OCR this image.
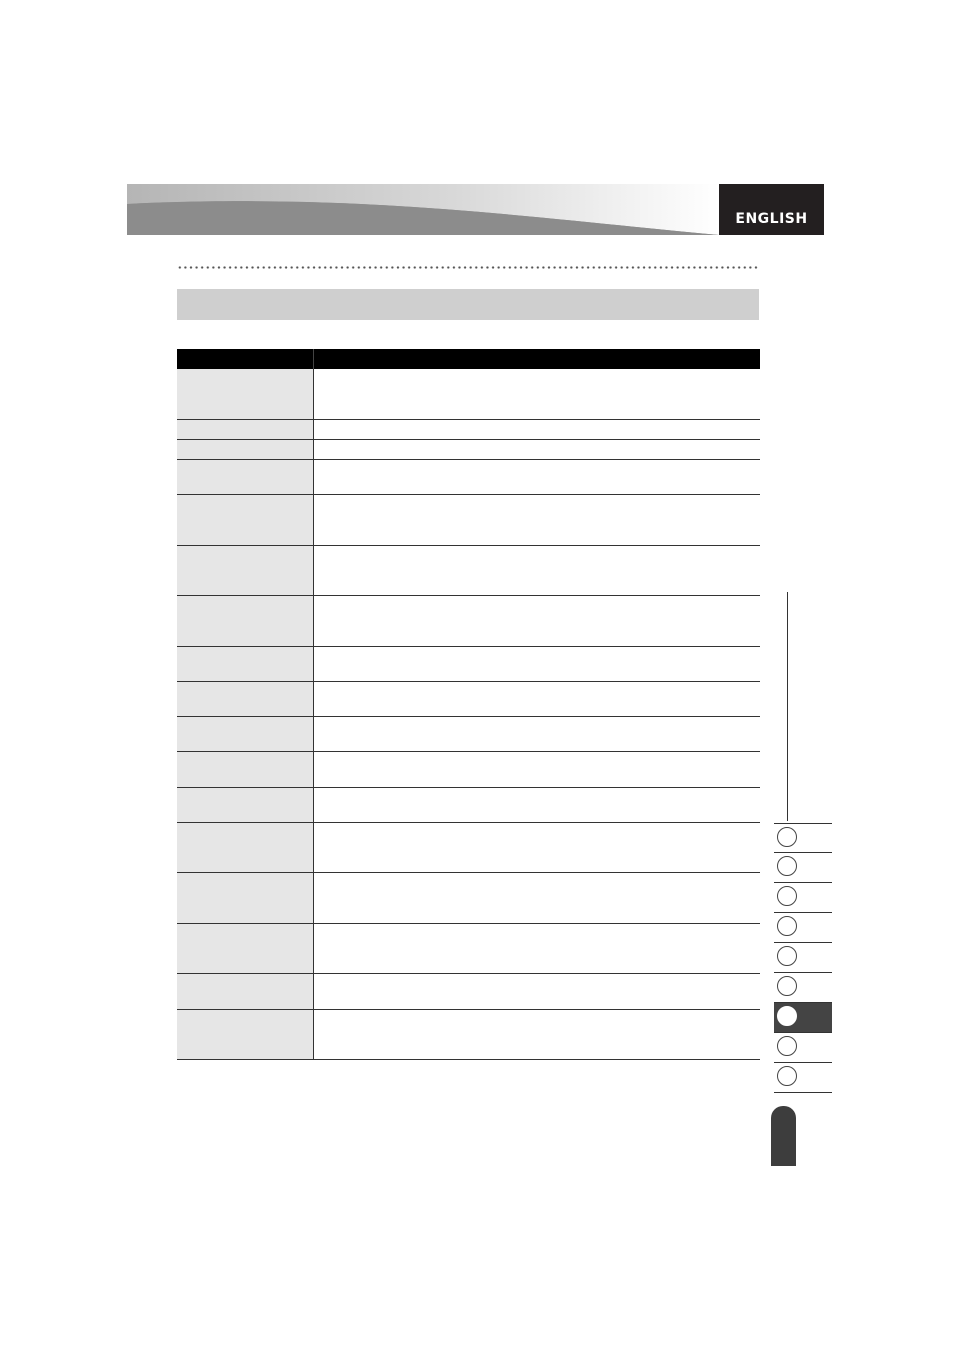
ENGLISH
